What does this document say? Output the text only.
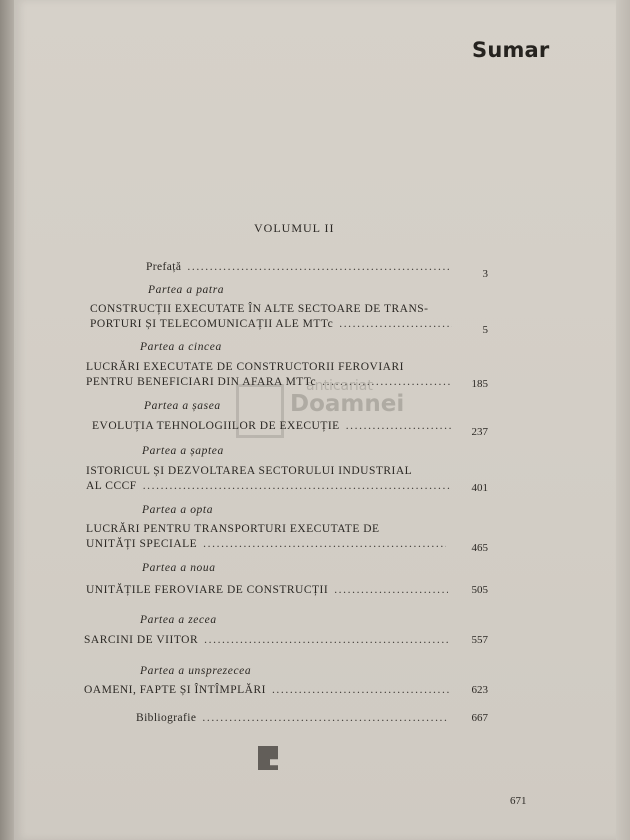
Sumar
VOLUMUL II
anticariat
Doamnei
Prefață
.....
3
Partea a patra
CONSTRUCȚII EXECUTATE ÎN ALTE SECTOARE DE TRANS-
PORTURI ȘI TELECOMUNICAȚII ALE MTTc .....	5
Partea a cincea
LUCRĂRI EXECUTATE DE CONSTRUCTORII FEROVIARI
PENTRU BENEFICIARI DIN AFARA MTTc .....	185
Partea a șasea
EVOLUȚIA TEHNOLOGIILOR DE EXECUȚIE .....	237
Partea a șaptea
ISTORICUL ȘI DEZVOLTAREA SECTORULUI INDUSTRIAL
AL CCCF .....	401
Partea a opta
LUCRĂRI PENTRU TRANSPORTURI EXECUTATE DE
UNITĂȚI SPECIALE .....	465
Partea a noua
UNITĂȚILE FEROVIARE DE CONSTRUCȚII .....	505
Partea a zecea
SARCINI DE VIITOR .....	557
Partea a unsprezecea
OAMENI, FAPTE ȘI ÎNTÎMPLĂRI .....	623
Bibliografie .....	667
671
